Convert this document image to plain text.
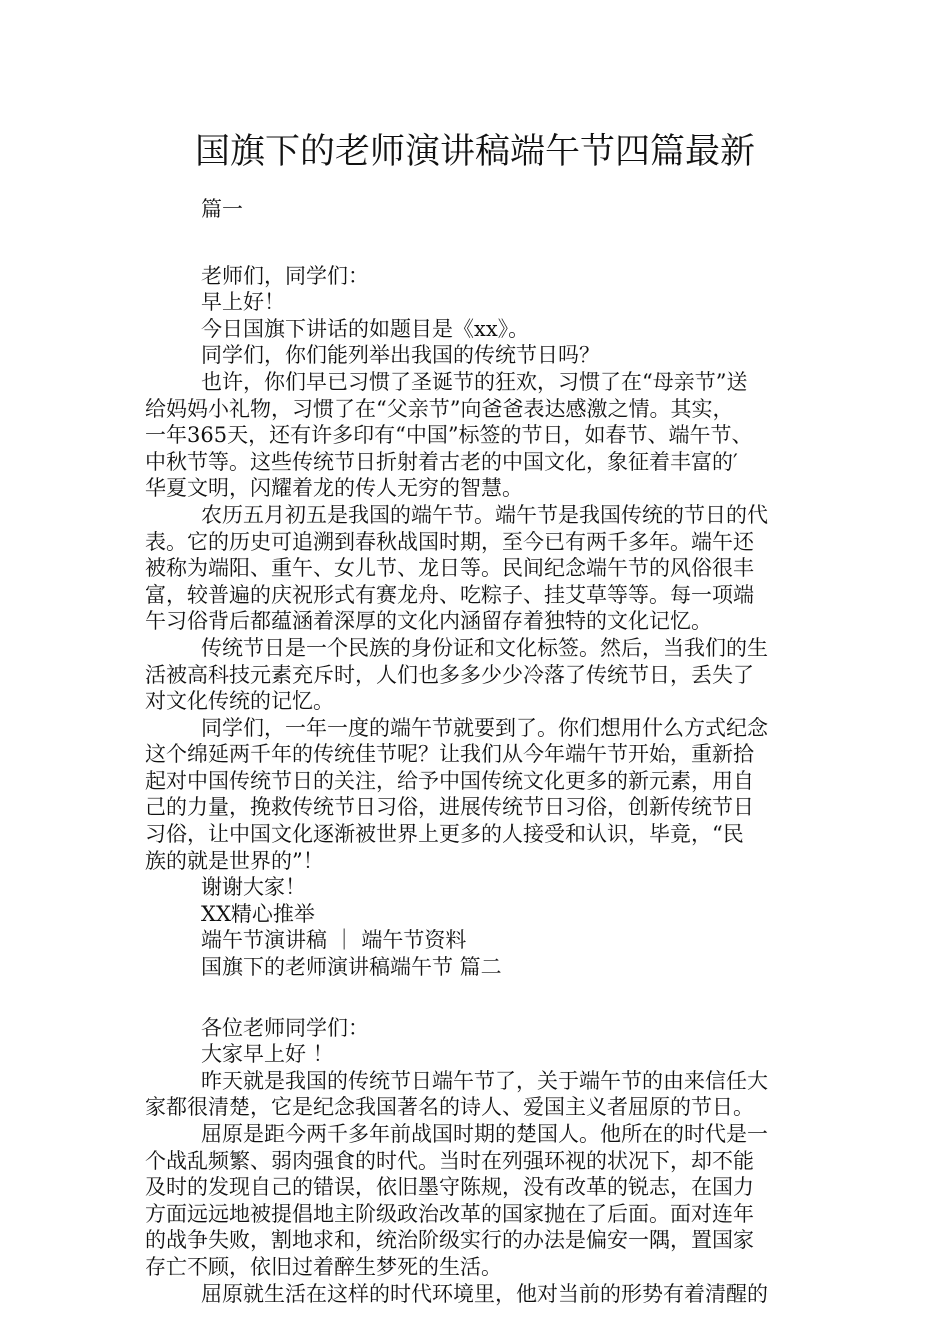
国旗下的老师演讲稿端午节四篇最新

篇一

老师们，同学们：

早上好！

今日国旗下讲话的如题目是《xx》。

同学们，你们能列举出我国的传统节日吗？

也许，你们早已习惯了圣诞节的狂欢，习惯了在“母亲节”送

给妈妈小礼物，习惯了在“父亲节”向爸爸表达感激之情。其实，

一年365天，还有许多印有“中国”标签的节日，如春节、端午节、

中秋节等。这些传统节日折射着古老的中国文化，象征着丰富的′

华夏文明，闪耀着龙的传人无穷的智慧。

农历五月初五是我国的端午节。端午节是我国传统的节日的代

表。它的历史可追溯到春秋战国时期，至今已有两千多年。端午还

被称为端阳、重午、女儿节、龙日等。民间纪念端午节的风俗很丰

富，较普遍的庆祝形式有赛龙舟、吃粽子、挂艾草等等。每一项端

午习俗背后都蕴涵着深厚的文化内涵留存着独特的文化记忆。

传统节日是一个民族的身份证和文化标签。然后，当我们的生

活被高科技元素充斥时，人们也多多少少冷落了传统节日，丢失了

对文化传统的记忆。

同学们，一年一度的端午节就要到了。你们想用什么方式纪念

这个绵延两千年的传统佳节呢？让我们从今年端午节开始，重新拾

起对中国传统节日的关注，给予中国传统文化更多的新元素，用自

己的力量，挽救传统节日习俗，进展传统节日习俗，创新传统节日

习俗，让中国文化逐渐被世界上更多的人接受和认识，毕竟，“民

族的就是世界的”！

谢谢大家！

XX精心推举

端午节演讲稿 ｜ 端午节资料

国旗下的老师演讲稿端午节 篇二

各位老师同学们：

大家早上好 ！

昨天就是我国的传统节日端午节了，关于端午节的由来信任大

家都很清楚，它是纪念我国著名的诗人、爱国主义者屈原的节日。

屈原是距今两千多年前战国时期的楚国人。他所在的时代是一

个战乱频繁、弱肉强食的时代。当时在列强环视的状况下，却不能

及时的发现自己的错误，依旧墨守陈规，没有改革的锐志，在国力

方面远远地被提倡地主阶级政治改革的国家抛在了后面。面对连年

的战争失败，割地求和，统治阶级实行的办法是偏安一隅，置国家

存亡不顾，依旧过着醉生梦死的生活。

屈原就生活在这样的时代环境里，他对当前的形势有着清醒的
